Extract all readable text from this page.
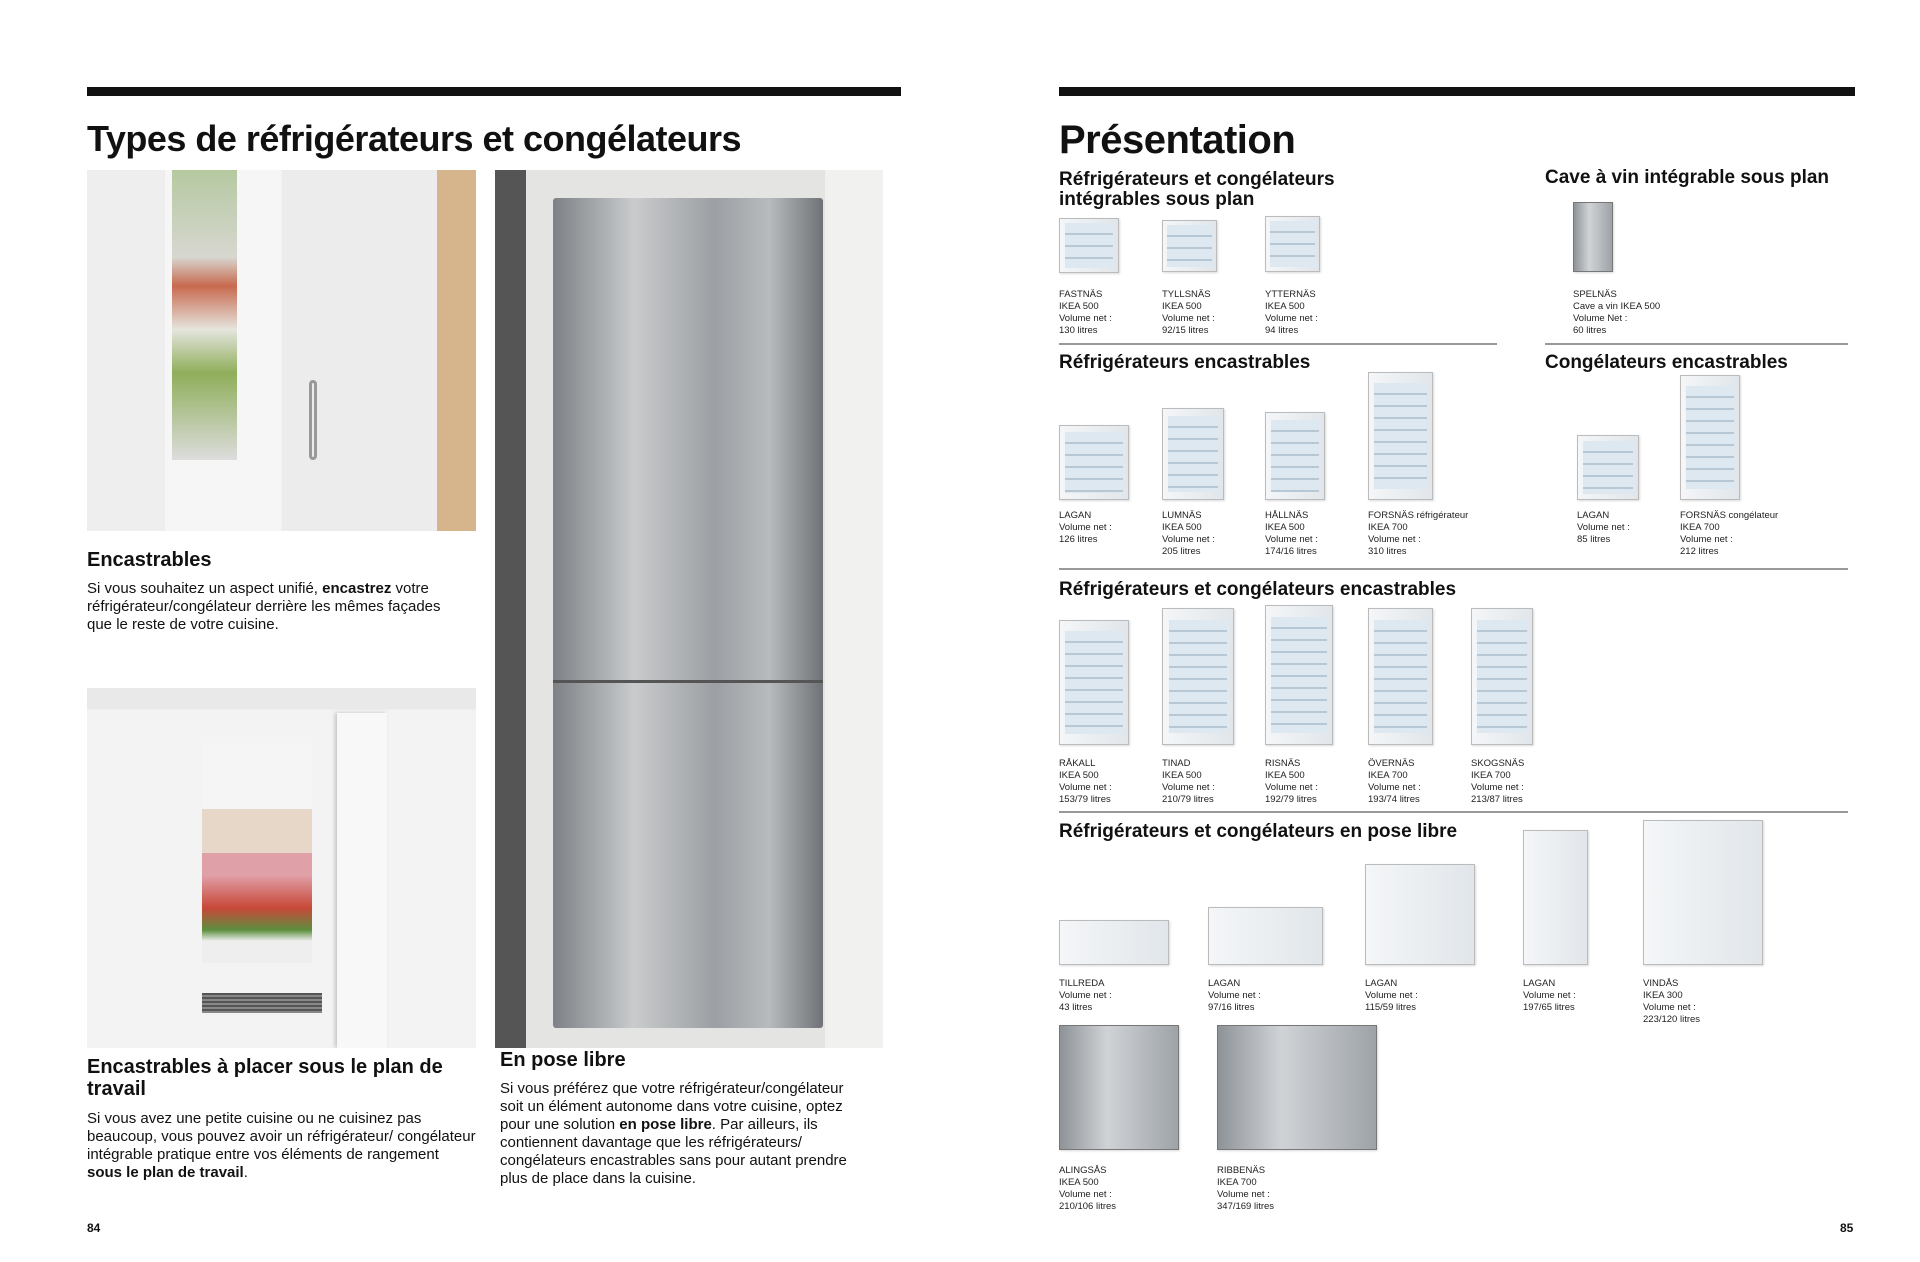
Types de réfrigérateurs et congélateurs
Encastrables
Si vous souhaitez un aspect unifié, encastrez votre réfrigérateur/congélateur derrière les mêmes façades que le reste de votre cuisine.
Encastrables à placer sous le plan de travail
Si vous avez une petite cuisine ou ne cuisinez pas beaucoup, vous pouvez avoir un réfrigérateur/ congélateur intégrable pratique entre vos éléments de rangement sous le plan de travail.
En pose libre
Si vous préférez que votre réfrigérateur/congélateur soit un élément autonome dans votre cuisine, optez pour une solution en pose libre. Par ailleurs, ils contiennent davantage que les réfrigérateurs/ congélateurs encastrables sans pour autant prendre plus de place dans la cuisine.
84
Présentation
Réfrigérateurs et congélateurs intégrables sous plan
FASTNÄS
IKEA 500
Volume net :
130 litres
TYLLSNÄS
IKEA 500
Volume net :
92/15 litres
YTTERNÄS
IKEA 500
Volume net :
94 litres
Cave à vin intégrable sous plan
SPELNÄS
Cave a vin IKEA 500
Volume Net :
60 litres
Réfrigérateurs encastrables
LAGAN
Volume net :
126 litres
LUMNÄS
IKEA 500
Volume net :
205 litres
HÅLLNÄS
IKEA 500
Volume net :
174/16 litres
FORSNÄS réfrigérateur
IKEA 700
Volume net :
310 litres
Congélateurs encastrables
LAGAN
Volume net :
85 litres
FORSNÄS congélateur
IKEA 700
Volume net :
212 litres
Réfrigérateurs et congélateurs encastrables
RÅKALL
IKEA 500
Volume net :
153/79 litres
TINAD
IKEA 500
Volume net :
210/79 litres
RISNÄS
IKEA 500
Volume net :
192/79 litres
ÖVERNÄS
IKEA 700
Volume net :
193/74 litres
SKOGSNÄS
IKEA 700
Volume net :
213/87 litres
Réfrigérateurs et congélateurs en pose libre
TILLREDA
Volume net :
43 litres
LAGAN
Volume net :
97/16 litres
LAGAN
Volume net :
115/59 litres
LAGAN
Volume net :
197/65 litres
VINDÅS
IKEA 300
Volume net :
223/120 litres
ALINGSÅS
IKEA 500
Volume net :
210/106 litres
RIBBENÄS
IKEA 700
Volume net :
347/169 litres
85
